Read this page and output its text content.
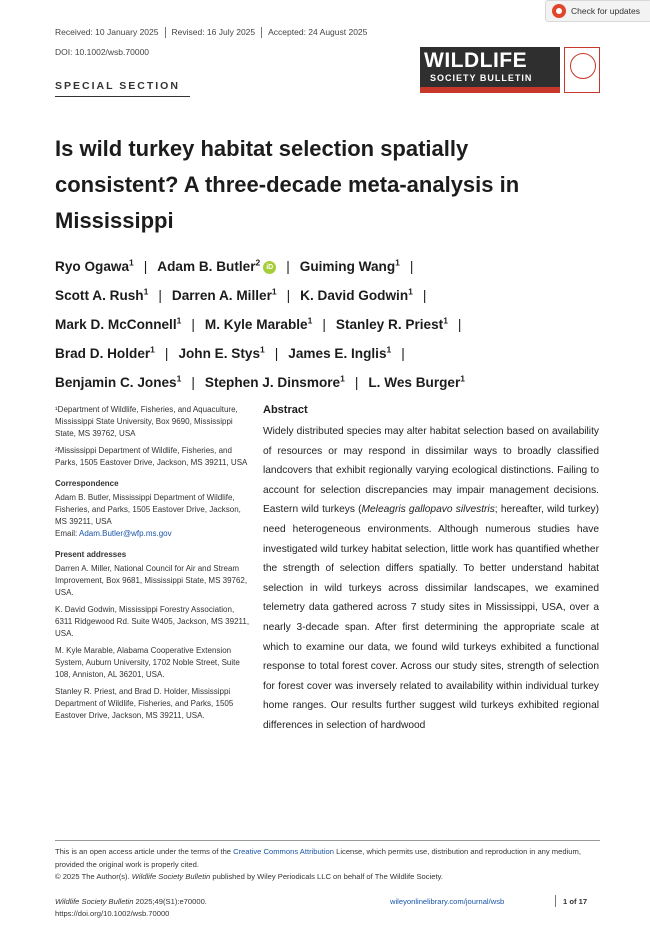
Check for updates
Received: 10 January 2025 Revised: 16 July 2025 Accepted: 24 August 2025
DOI: 10.1002/wsb.70000	WILDLIFE
SOCIETY BULLETIN
SPECIAL SECTION
Is wild turkey habitat selection spatially consistent? A three-decade meta-analysis in Mississippi
Ryo Ogawa$^1$ | Adam B. Butler$^2$iD | Guiming Wang$^1$ |
Scott A. Rush$^1$ | Darren A. Miller$^1$ | K. David Godwin$^1$ |
Mark D. McConnell$^1$ | M. Kyle Marable$^1$ | Stanley R. Priest$^1$ |
Brad D. Holder$^1$ | John E. Stys$^1$ | James E. Inglis$^1$ |
Benjamin C. Jones$^1$ | Stephen J. Dinsmore$^1$ | L. Wes Burger$^1$

¹Department of Wildlife, Fisheries, and Aquaculture, Mississippi State University, Box 9690, Mississippi State, MS 39762, USA

²Mississippi Department of Wildlife, Fisheries, and Parks, 1505 Eastover Drive, Jackson, MS 39211, USA

Correspondence

Adam B. Butler, Mississippi Department of Wildlife, Fisheries, and Parks, 1505 Eastover Drive, Jackson, MS 39211, USA

Email: Adam.Butler@wfp.ms.gov

Present addresses

Darren A. Miller, National Council for Air and Stream Improvement, Box 9681, Mississippi State, MS 39762, USA.

K. David Godwin, Mississippi Forestry Association, 6311 Ridgewood Rd. Suite W405, Jackson, MS 39211, USA.

M. Kyle Marable, Alabama Cooperative Extension System, Auburn University, 1702 Noble Street, Suite 108, Anniston, AL 36201, USA.

Stanley R. Priest, and Brad D. Holder, Mississippi Department of Wildlife, Fisheries, and Parks, 1505 Eastover Drive, Jackson, MS 39211, USA.

Abstract
Widely distributed species may alter habitat selection based on availability of resources or may respond in dissimilar ways to broadly classified landcovers that exhibit regionally varying ecological distinctions. Failing to account for selection discrepancies may impair management decisions. Eastern wild turkeys (Meleagris gallopavo silvestris; hereafter, wild turkey) need heterogeneous environments. Although numerous studies have investigated wild turkey habitat selection, little work has quantified whether the strength of selection differs spatially. To better understand habitat selection in wild turkeys across dissimilar landscapes, we examined telemetry data gathered across 7 study sites in Mississippi, USA, over a nearly 3-decade span. After first determining the appropriate scale at which to examine our data, we found wild turkeys exhibited a functional response to total forest cover. Across our study sites, strength of selection for forest cover was inversely related to availability within individual turkey home ranges. Our results further suggest wild turkeys exhibited regional differences in selection of hardwood
This is an open access article under the terms of the Creative Commons Attribution License, which permits use, distribution and reproduction in any medium, provided the original work is properly cited.
© 2025 The Author(s). Wildlife Society Bulletin published by Wiley Periodicals LLC on behalf of The Wildlife Society.
Wildlife Society Bulletin 2025;49(S1):e70000.
https://doi.org/10.1002/wsb.70000
wileyonlinelibrary.com/journal/wsb	1 of 17
